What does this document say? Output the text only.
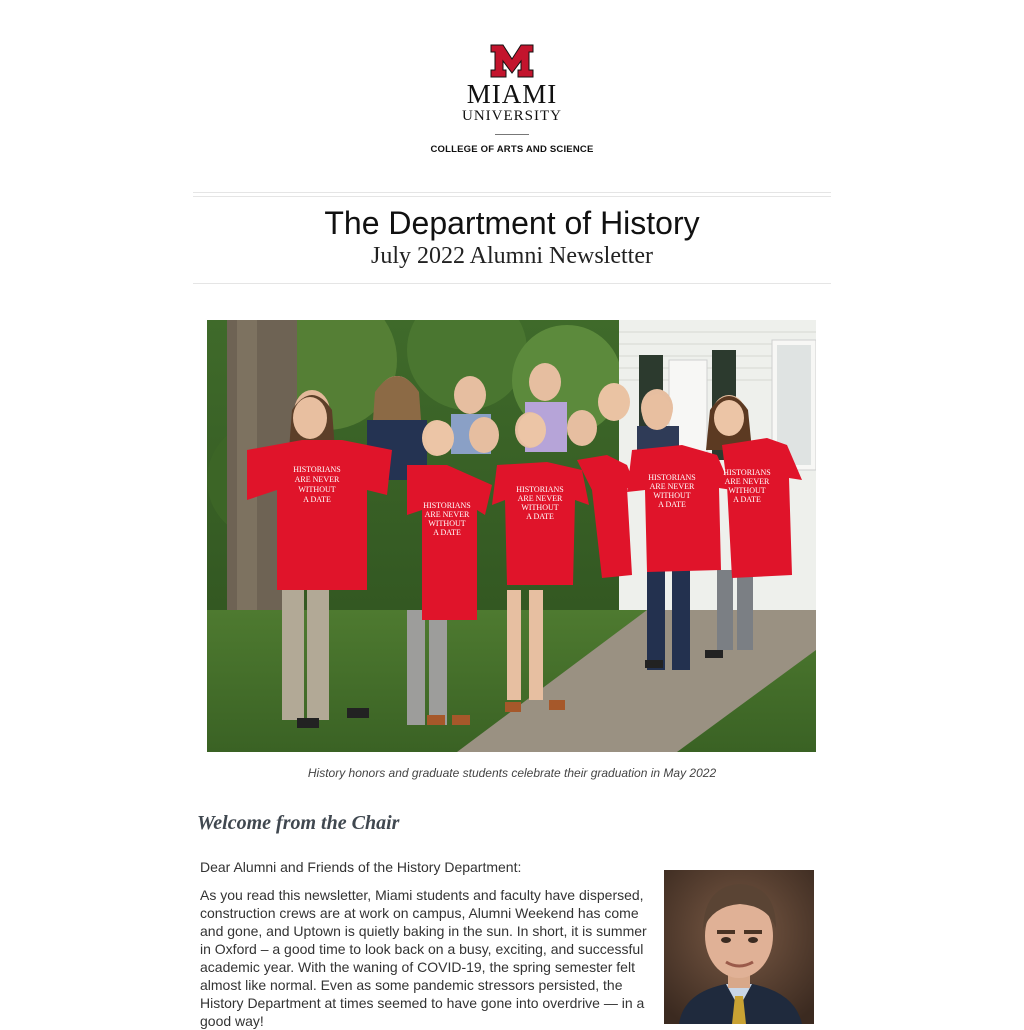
MIAMI
UNIVERSITY
COLLEGE OF ARTS AND SCIENCE
The Department of History
July 2022 Alumni Newsletter
HISTORIANS
ARE NEVER
WITHOUT
A DATE
HISTORIANS
ARE NEVER
WITHOUT
A DATE
HISTORIANS
ARE NEVER
WITHOUT
A DATE
HISTORIANS
ARE NEVER
WITHOUT
A DATE
HISTORIANS
ARE NEVER
WITHOUT
A DATE
History honors and graduate students celebrate their graduation in May 2022
Welcome from the Chair
Dear Alumni and Friends of the History Department:
As you read this newsletter, Miami students and faculty have dispersed, construction crews are at work on campus, Alumni Weekend has come and gone, and Uptown is quietly baking in the sun. In short, it is summer in Oxford – a good time to look back on a busy, exciting, and successful academic year. With the waning of COVID-19, the spring semester felt almost like normal. Even as some pandemic stressors persisted, the History Department at times seemed to have gone into overdrive — in a good way!
